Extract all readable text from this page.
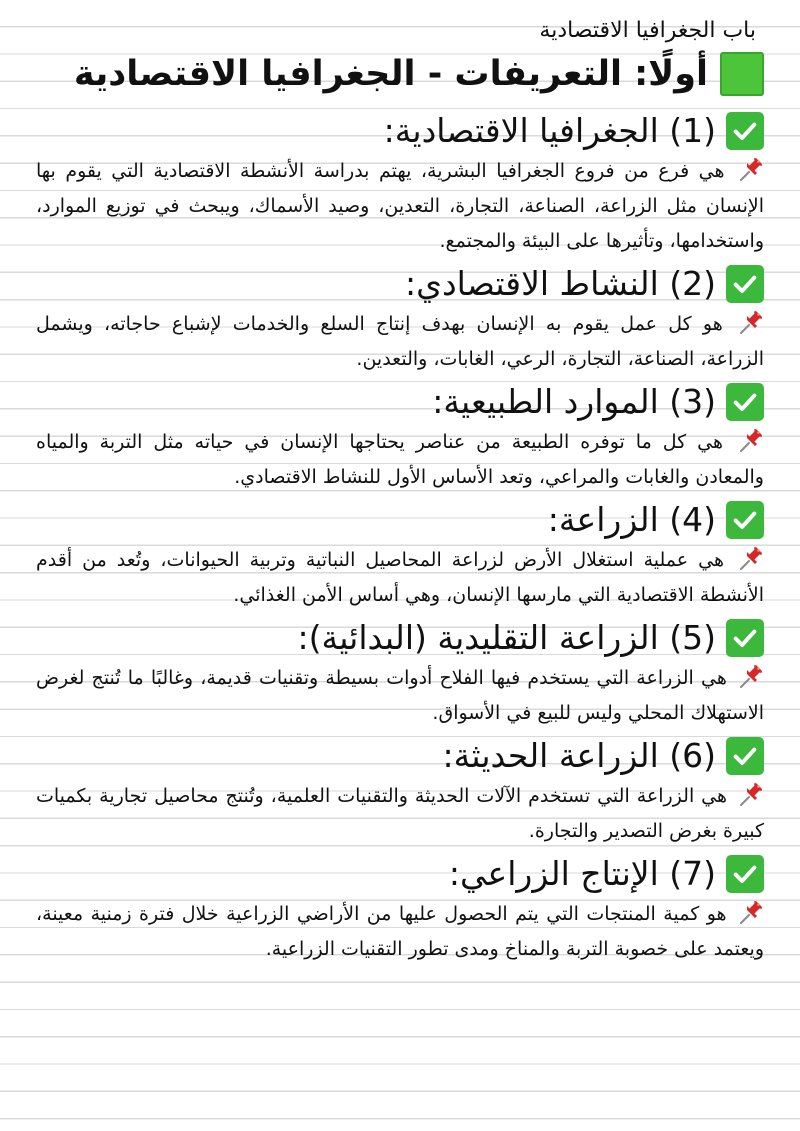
باب الجغرافيا الاقتصادية
أولًا: التعريفات - الجغرافيا الاقتصادية
(1) الجغرافيا الاقتصادية:
هي فرع من فروع الجغرافيا البشرية، يهتم بدراسة الأنشطة الاقتصادية التي يقوم بها الإنسان مثل الزراعة، الصناعة، التجارة، التعدين، وصيد الأسماك، ويبحث في توزيع الموارد، واستخدامها، وتأثيرها على البيئة والمجتمع.
(2) النشاط الاقتصادي:
هو كل عمل يقوم به الإنسان بهدف إنتاج السلع والخدمات لإشباع حاجاته، ويشمل الزراعة، الصناعة، التجارة، الرعي، الغابات، والتعدين.
(3) الموارد الطبيعية:
هي كل ما توفره الطبيعة من عناصر يحتاجها الإنسان في حياته مثل التربة والمياه والمعادن والغابات والمراعي، وتعد الأساس الأول للنشاط الاقتصادي.
(4) الزراعة:
هي عملية استغلال الأرض لزراعة المحاصيل النباتية وتربية الحيوانات، وتُعد من أقدم الأنشطة الاقتصادية التي مارسها الإنسان، وهي أساس الأمن الغذائي.
(5) الزراعة التقليدية (البدائية):
هي الزراعة التي يستخدم فيها الفلاح أدوات بسيطة وتقنيات قديمة، وغالبًا ما تُنتج لغرض الاستهلاك المحلي وليس للبيع في الأسواق.
(6) الزراعة الحديثة:
هي الزراعة التي تستخدم الآلات الحديثة والتقنيات العلمية، وتُنتج محاصيل تجارية بكميات كبيرة بغرض التصدير والتجارة.
(7) الإنتاج الزراعي:
هو كمية المنتجات التي يتم الحصول عليها من الأراضي الزراعية خلال فترة زمنية معينة، ويعتمد على خصوبة التربة والمناخ ومدى تطور التقنيات الزراعية.
